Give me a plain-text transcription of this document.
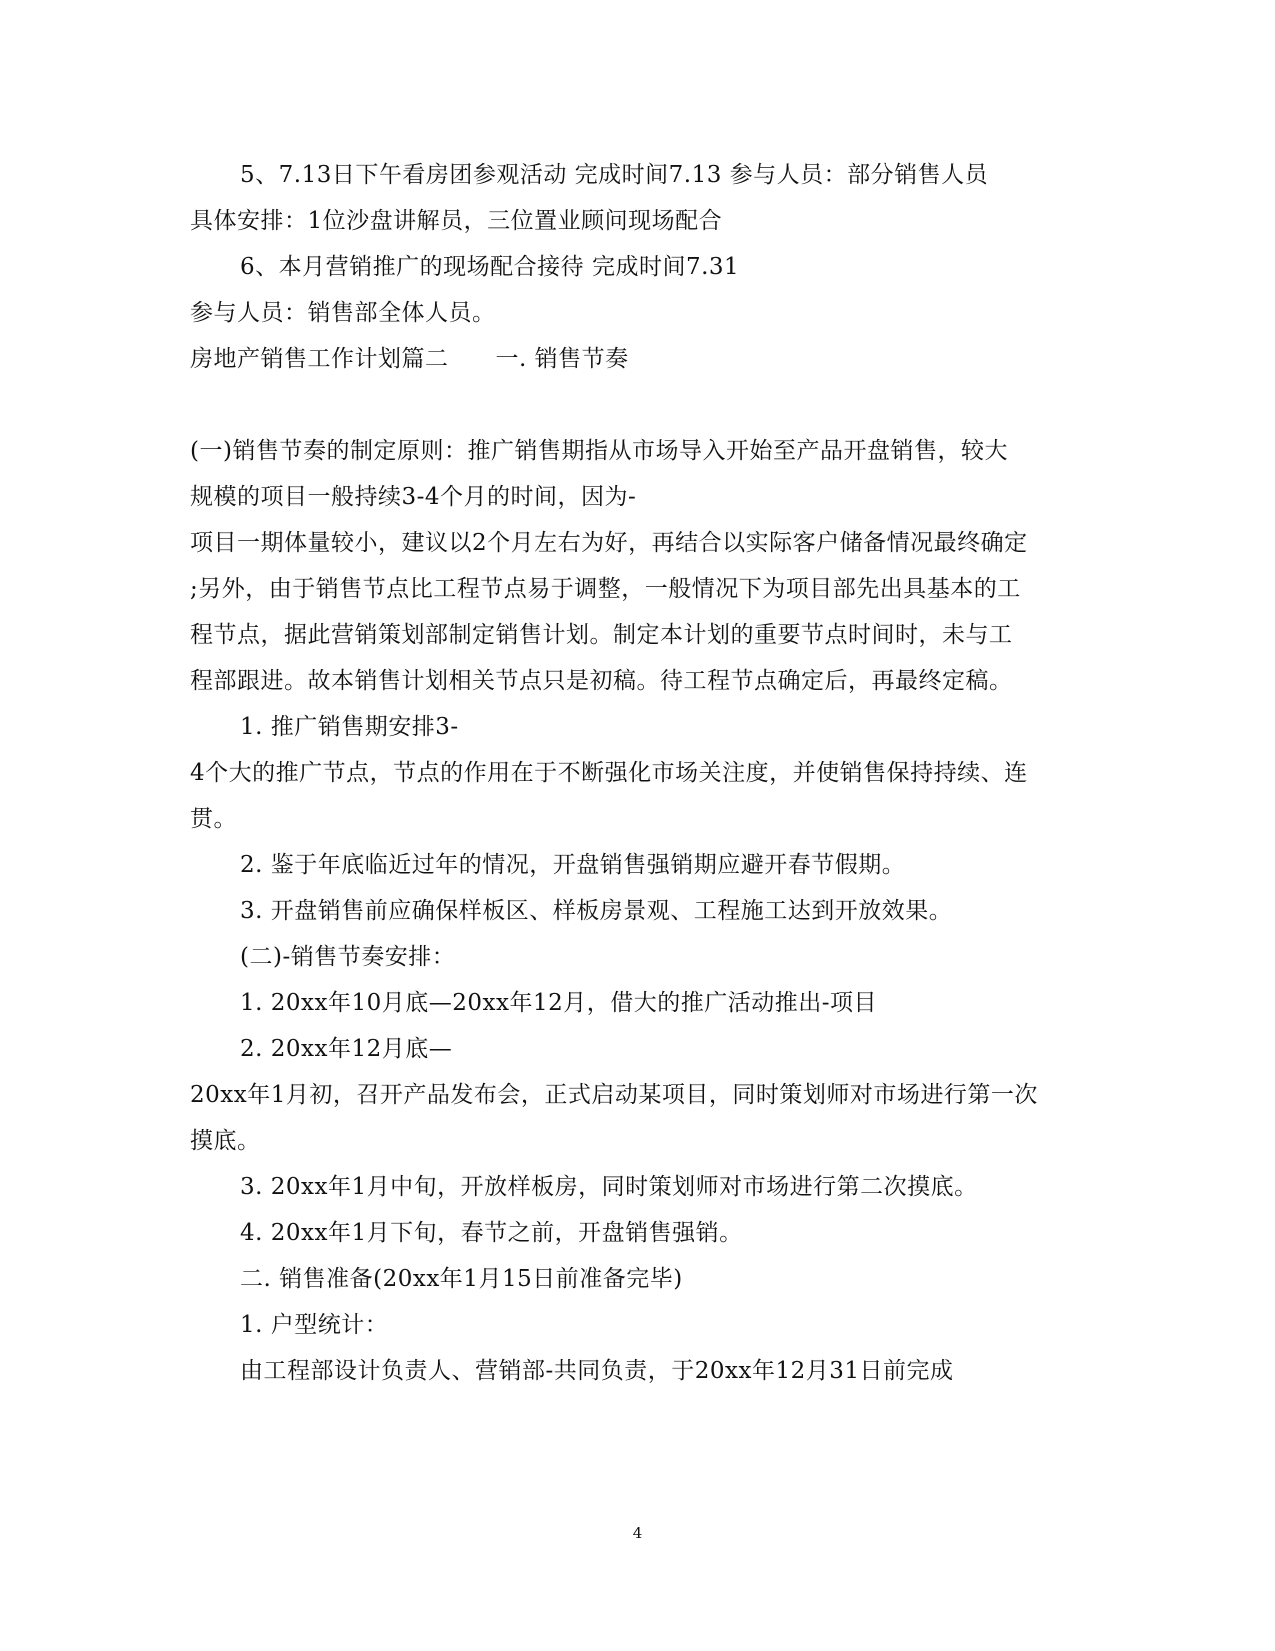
5、7.13日下午看房团参观活动 完成时间7.13 参与人员：部分销售人员
具体安排：1位沙盘讲解员，三位置业顾问现场配合
6、本月营销推广的现场配合接待 完成时间7.31
参与人员：销售部全体人员。
房地产销售工作计划篇二　　一. 销售节奏
(一)销售节奏的制定原则：推广销售期指从市场导入开始至产品开盘销售，较大
规模的项目一般持续3-4个月的时间，因为-
项目一期体量较小，建议以2个月左右为好，再结合以实际客户储备情况最终确定
;另外，由于销售节点比工程节点易于调整，一般情况下为项目部先出具基本的工
程节点，据此营销策划部制定销售计划。制定本计划的重要节点时间时，未与工
程部跟进。故本销售计划相关节点只是初稿。待工程节点确定后，再最终定稿。
1. 推广销售期安排3-
4个大的推广节点，节点的作用在于不断强化市场关注度，并使销售保持持续、连
贯。
2. 鉴于年底临近过年的情况，开盘销售强销期应避开春节假期。
3. 开盘销售前应确保样板区、样板房景观、工程施工达到开放效果。
(二)-销售节奏安排：
1. 20xx年10月底—20xx年12月，借大的推广活动推出-项目
2. 20xx年12月底—
20xx年1月初，召开产品发布会，正式启动某项目，同时策划师对市场进行第一次
摸底。
3. 20xx年1月中旬，开放样板房，同时策划师对市场进行第二次摸底。
4. 20xx年1月下旬，春节之前，开盘销售强销。
二. 销售准备(20xx年1月15日前准备完毕)
1. 户型统计：
由工程部设计负责人、营销部-共同负责，于20xx年12月31日前完成
4
